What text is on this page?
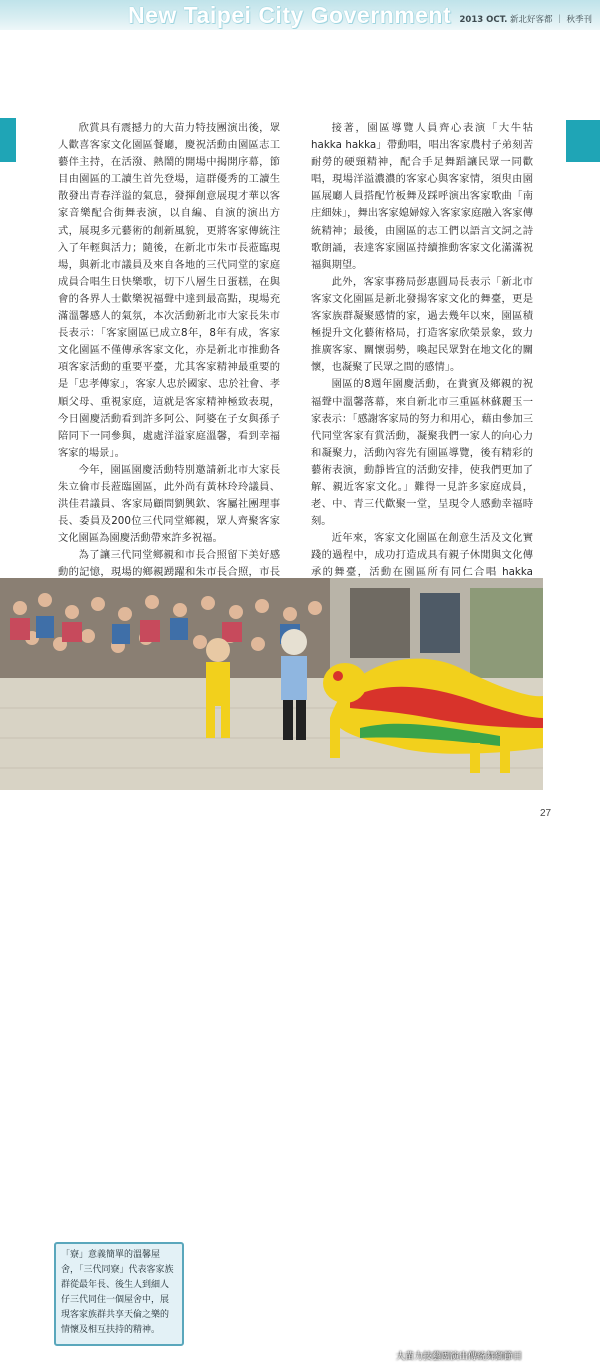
New Taipei City Government 2013 OCT. 新北好客都 ｜ 秋季刊

欣賞具有震撼力的大苗力特技團演出後，眾人歡喜客家文化園區餐廳，慶祝活動由園區志工藝伴主持，在活潑、熱鬧的開場中揭開序幕，節目由園區的工讀生首先登場，這群優秀的工讀生散發出青春洋溢的氣息，發揮創意展現才華以客家音樂配合街舞表演，以自編、自演的演出方式，展現多元藝術的創新風貌，更將客家傳統注入了年輕與活力；隨後，在新北市朱市長蒞臨現場，與新北市議員及來自各地的三代同堂的家庭成員合唱生日快樂歌，切下八層生日蛋糕，在與會的各界人士歡樂祝福聲中達到最高點，現場充滿溫馨感人的氣氛，本次活動新北市大家長朱市長表示：「客家園區已成立8年，8年有成，客家文化園區不僅傳承客家文化，亦是新北市推動各項客家活動的重要平臺，尤其客家精神最重要的是「忠孝傳家」，客家人忠於國家、忠於社會、孝順父母、重視家庭，這就是客家精神極致表現，今日園慶活動看到許多阿公、阿婆在子女與孫子陪同下一同參與，處處洋溢家庭溫馨，看到幸福客家的場景」。

今年，園區園慶活動特別邀請新北市大家長朱立倫市長蒞臨園區，此外尚有黃林玲玲議員、洪佳君議員、客家局顧問劉興欽、客屬社團理事長、委員及200位三代同堂鄉親，眾人齊聚客家文化園區為園慶活動帶來許多祝福。

為了讓三代同堂鄉親和市長合照留下美好感動的記憶，現場的鄉親踴躍和朱市長合照，市長

接著，園區導覽人員齊心表演「大牛牯 hakka hakka」帶動唱，唱出客家農村子弟刻苦耐勞的硬頸精神，配合手足舞蹈讓民眾一同歡唱，現場洋溢濃濃的客家心與客家情，須臾由園區展廳人員搭配竹板舞及踩呼演出客家歌曲「南庄細妹」，舞出客家媳婦嫁入客家家庭融入客家傳統精神；最後，由園區的志工們以語言文詞之詩歌朗誦，表達客家園區持續推動客家文化滿滿祝福與期望。

此外，客家事務局彭惠圓局長表示「新北市客家文化園區是新北發揚客家文化的舞臺，更是客家族群凝聚感情的家，過去幾年以來，園區積極提升文化藝術格局，打造客家欣榮景象，致力推廣客家、關懷弱勢，喚起民眾對在地文化的關懷，也凝聚了民眾之間的感情」。

園區的8週年園慶活動，在貴賓及鄉親的祝福聲中溫馨落幕，來自新北市三重區林蘇麗玉一家表示：「感謝客家局的努力和用心，藉由參加三代同堂客家有賞活動，凝聚我們一家人的向心力和凝聚力，活動內容先有園區導覽，後有精彩的藝術表演，動靜皆宜的活動安排，使我們更加了解、親近客家文化。」難得一見許多家庭成員，老、中、青三代歡聚一堂，呈現令人感動幸福時刻。

近年來，客家文化園區在創意生活及文化實踐的過程中，成功打造成具有親子休閒與文化傳承的舞臺，活動在園區所有同仁合唱 hakka

「寮」意義簡單的溫馨屋舍，「三代同寮」代表客家族群從最年長、後生人到細人仔三代同住一個屋舍中，展現客家族群共享天倫之樂的情懷及相互扶持的精神。
大苗力技藝團演出傳統舞獅節目
27
